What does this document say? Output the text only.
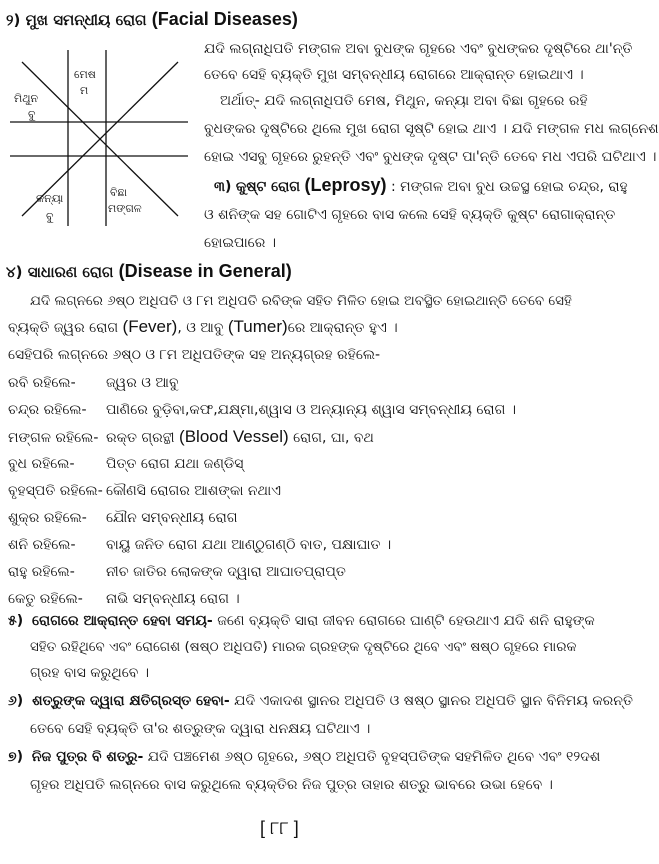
୨) ମୁଖ ସମନ୍ଧୀୟ ରୋଗ (Facial Diseases)
ମେଷ
ମ
ମିଥୁନ
ବୁ
କନ୍ୟା
ବୁ
ବିଛା
ମଙ୍ଗଳ
ଯଦି ଲଗ୍ନାଧିପତି ମଙ୍ଗଳ ଅବା ବୁଧଙ୍କ ଗୃହରେ ଏବଂ ବୁଧଙ୍କର ଦୃଷ୍ଟିରେ ଥା'ନ୍ତି
ତେବେ ସେହି ବ୍ୟକ୍ତି ମୁଖ ସମ୍ବନ୍ଧୀୟ ରୋଗରେ ଆକ୍ରାନ୍ତ ହୋଇଥାଏ ।
ଅର୍ଥାତ୍- ଯଦି ଲଗ୍ନାଧିପତି ମେଷ, ମିଥୁନ, କନ୍ୟା ଅବା ବିଛା ଗୃହରେ ରହି
ବୁଧଙ୍କର ଦୃଷ୍ଟିରେ ଥିଲେ ମୁଖ ରୋଗ ସୃଷ୍ଟି ହୋଇ ଥାଏ । ଯଦି ମଙ୍ଗଳ ମଧ ଲଗ୍ନେଶ
ହୋଇ ଏସବୁ ଗୃହରେ ରୁହନ୍ତି ଏବଂ ବୁଧଙ୍କ ଦୃଷ୍ଟ ପା'ନ୍ତି ତେବେ ମଧ ଏପରି ଘଟିଥାଏ ।
୩) କୁଷ୍ଟ ରୋଗ (Leprosy) : ମଙ୍ଗଳ ଅବା ବୁଧ ଉଚ୍ଚସ୍ଥ ହୋଇ ଚନ୍ଦ୍ର, ରାହୁ
ଓ ଶନିଙ୍କ ସହ ଗୋଟିଏ ଗୃହରେ ବାସ କଲେ ସେହି ବ୍ୟକ୍ତି କୁଷ୍ଟ ରୋଗାକ୍ରାନ୍ତ
ହୋଇପାରେ ।
୪) ସାଧାରଣ ରୋଗ (Disease in General)
ଯଦି ଲଗ୍ନରେ ୬ଷ୍ଠ ଅଧିପତି ଓ ୮ମ ଅଧିପତି ରବିଙ୍କ ସହିତ ମିଳିତ ହୋଇ ଅବସ୍ଥିତ ହୋଇଥାନ୍ତି ତେବେ ସେହି
ବ୍ୟକ୍ତି ଜ୍ୱର ରୋଗ (Fever), ଓ ଆବୁ (Tumer)ରେ ଆକ୍ରାନ୍ତ ହୁଏ ।
ସେହିପରି ଲଗ୍ନରେ ୬ଷ୍ଠ ଓ ୮ମ ଅଧିପତିଙ୍କ ସହ ଅନ୍ୟଗ୍ରହ ରହିଲେ-
ରବି ରହିଲେ- ଜ୍ୱର ଓ ଆବୁ
ଚନ୍ଦ୍ର ରହିଲେ- ପାଣିରେ ବୁଡ଼ିବା,କଫ,ଯକ୍ଷ୍ମା,ଶ୍ୱାସ ଓ ଅନ୍ୟାନ୍ୟ ଶ୍ୱାସ ସମ୍ବନ୍ଧୀୟ ରୋଗ ।
ମଙ୍ଗଳ ରହିଲେ- ରକ୍ତ ଗ୍ରନ୍ଥୀ (Blood Vessel) ରୋଗ, ଘା, ବଥ
ବୁଧ ରହିଲେ- ପିତ୍ତ ରୋଗ ଯଥା ଜଣ୍ଡିସ୍
ବୃହସ୍ପତି ରହିଲେ- କୌଣସି ରୋଗର ଆଶଙ୍କା ନଥାଏ
ଶୁକ୍ର ରହିଲେ- ଯୌନ ସମ୍ବନ୍ଧୀୟ ରୋଗ
ଶନି ରହିଲେ- ବାୟୁ ଜନିତ ରୋଗ ଯଥା ଆଣ୍ଠୁଗଣ୍ଠି ବାତ, ପକ୍ଷାଘାତ ।
ରାହୁ ରହିଲେ- ନୀଚ ଜାତିର ଲୋକଙ୍କ ଦ୍ୱାରା ଆଘାତପ୍ରାପ୍ତ
କେତୁ ରହିଲେ- ନାଭି ସମ୍ବନ୍ଧୀୟ ରୋଗ ।
୫) ରୋଗରେ ଆକ୍ରାନ୍ତ ହେବା ସମୟ- ଜଣେ ବ୍ୟକ୍ତି ସାରା ଜୀବନ ରୋଗରେ ଘାଣ୍ଟି ହେଉଥାଏ ଯଦି ଶନି ରାହୁଙ୍କ
ସହିତ ରହିଥିବେ ଏବଂ ରୋଗେଶ (ଷଷ୍ଠ ଅଧିପତି) ମାରକ ଗ୍ରହଙ୍କ ଦୃଷ୍ଟିରେ ଥିବେ ଏବଂ ଷଷ୍ଠ ଗୃହରେ ମାରକ
ଗ୍ରହ ବାସ କରୁଥିବେ ।
୬) ଶତ୍ରୁଙ୍କ ଦ୍ୱାରା କ୍ଷତିଗ୍ରସ୍ତ ହେବା- ଯଦି ଏକାଦଶ ସ୍ଥାନର ଅଧିପତି ଓ ଷଷ୍ଠ ସ୍ଥାନର ଅଧିପତି ସ୍ଥାନ ବିନିମୟ କରନ୍ତି
ତେବେ ସେହି ବ୍ୟକ୍ତି ତା'ର ଶତ୍ରୁଙ୍କ ଦ୍ୱାରା ଧନକ୍ଷୟ ଘଟିଥାଏ ।
୭) ନିଜ ପୁତ୍ର ବି ଶତ୍ରୁ- ଯଦି ପଞ୍ଚମେଶ ୬ଷ୍ଠ ଗୃହରେ, ୬ଷ୍ଠ ଅଧିପତି ବୃହସ୍ପତିଙ୍କ ସହମିଳିତ ଥିବେ ଏବଂ ୧୨ଦଶ
ଗୃହର ଅଧିପତି ଲଗ୍ନରେ ବାସ କରୁଥିଲେ ବ୍ୟକ୍ତିର ନିଜ ପୁତ୍ର ତାହାର ଶତ୍ରୁ ଭାବରେ ଉଭା ହେବେ ।
[ ୮୮ ]
